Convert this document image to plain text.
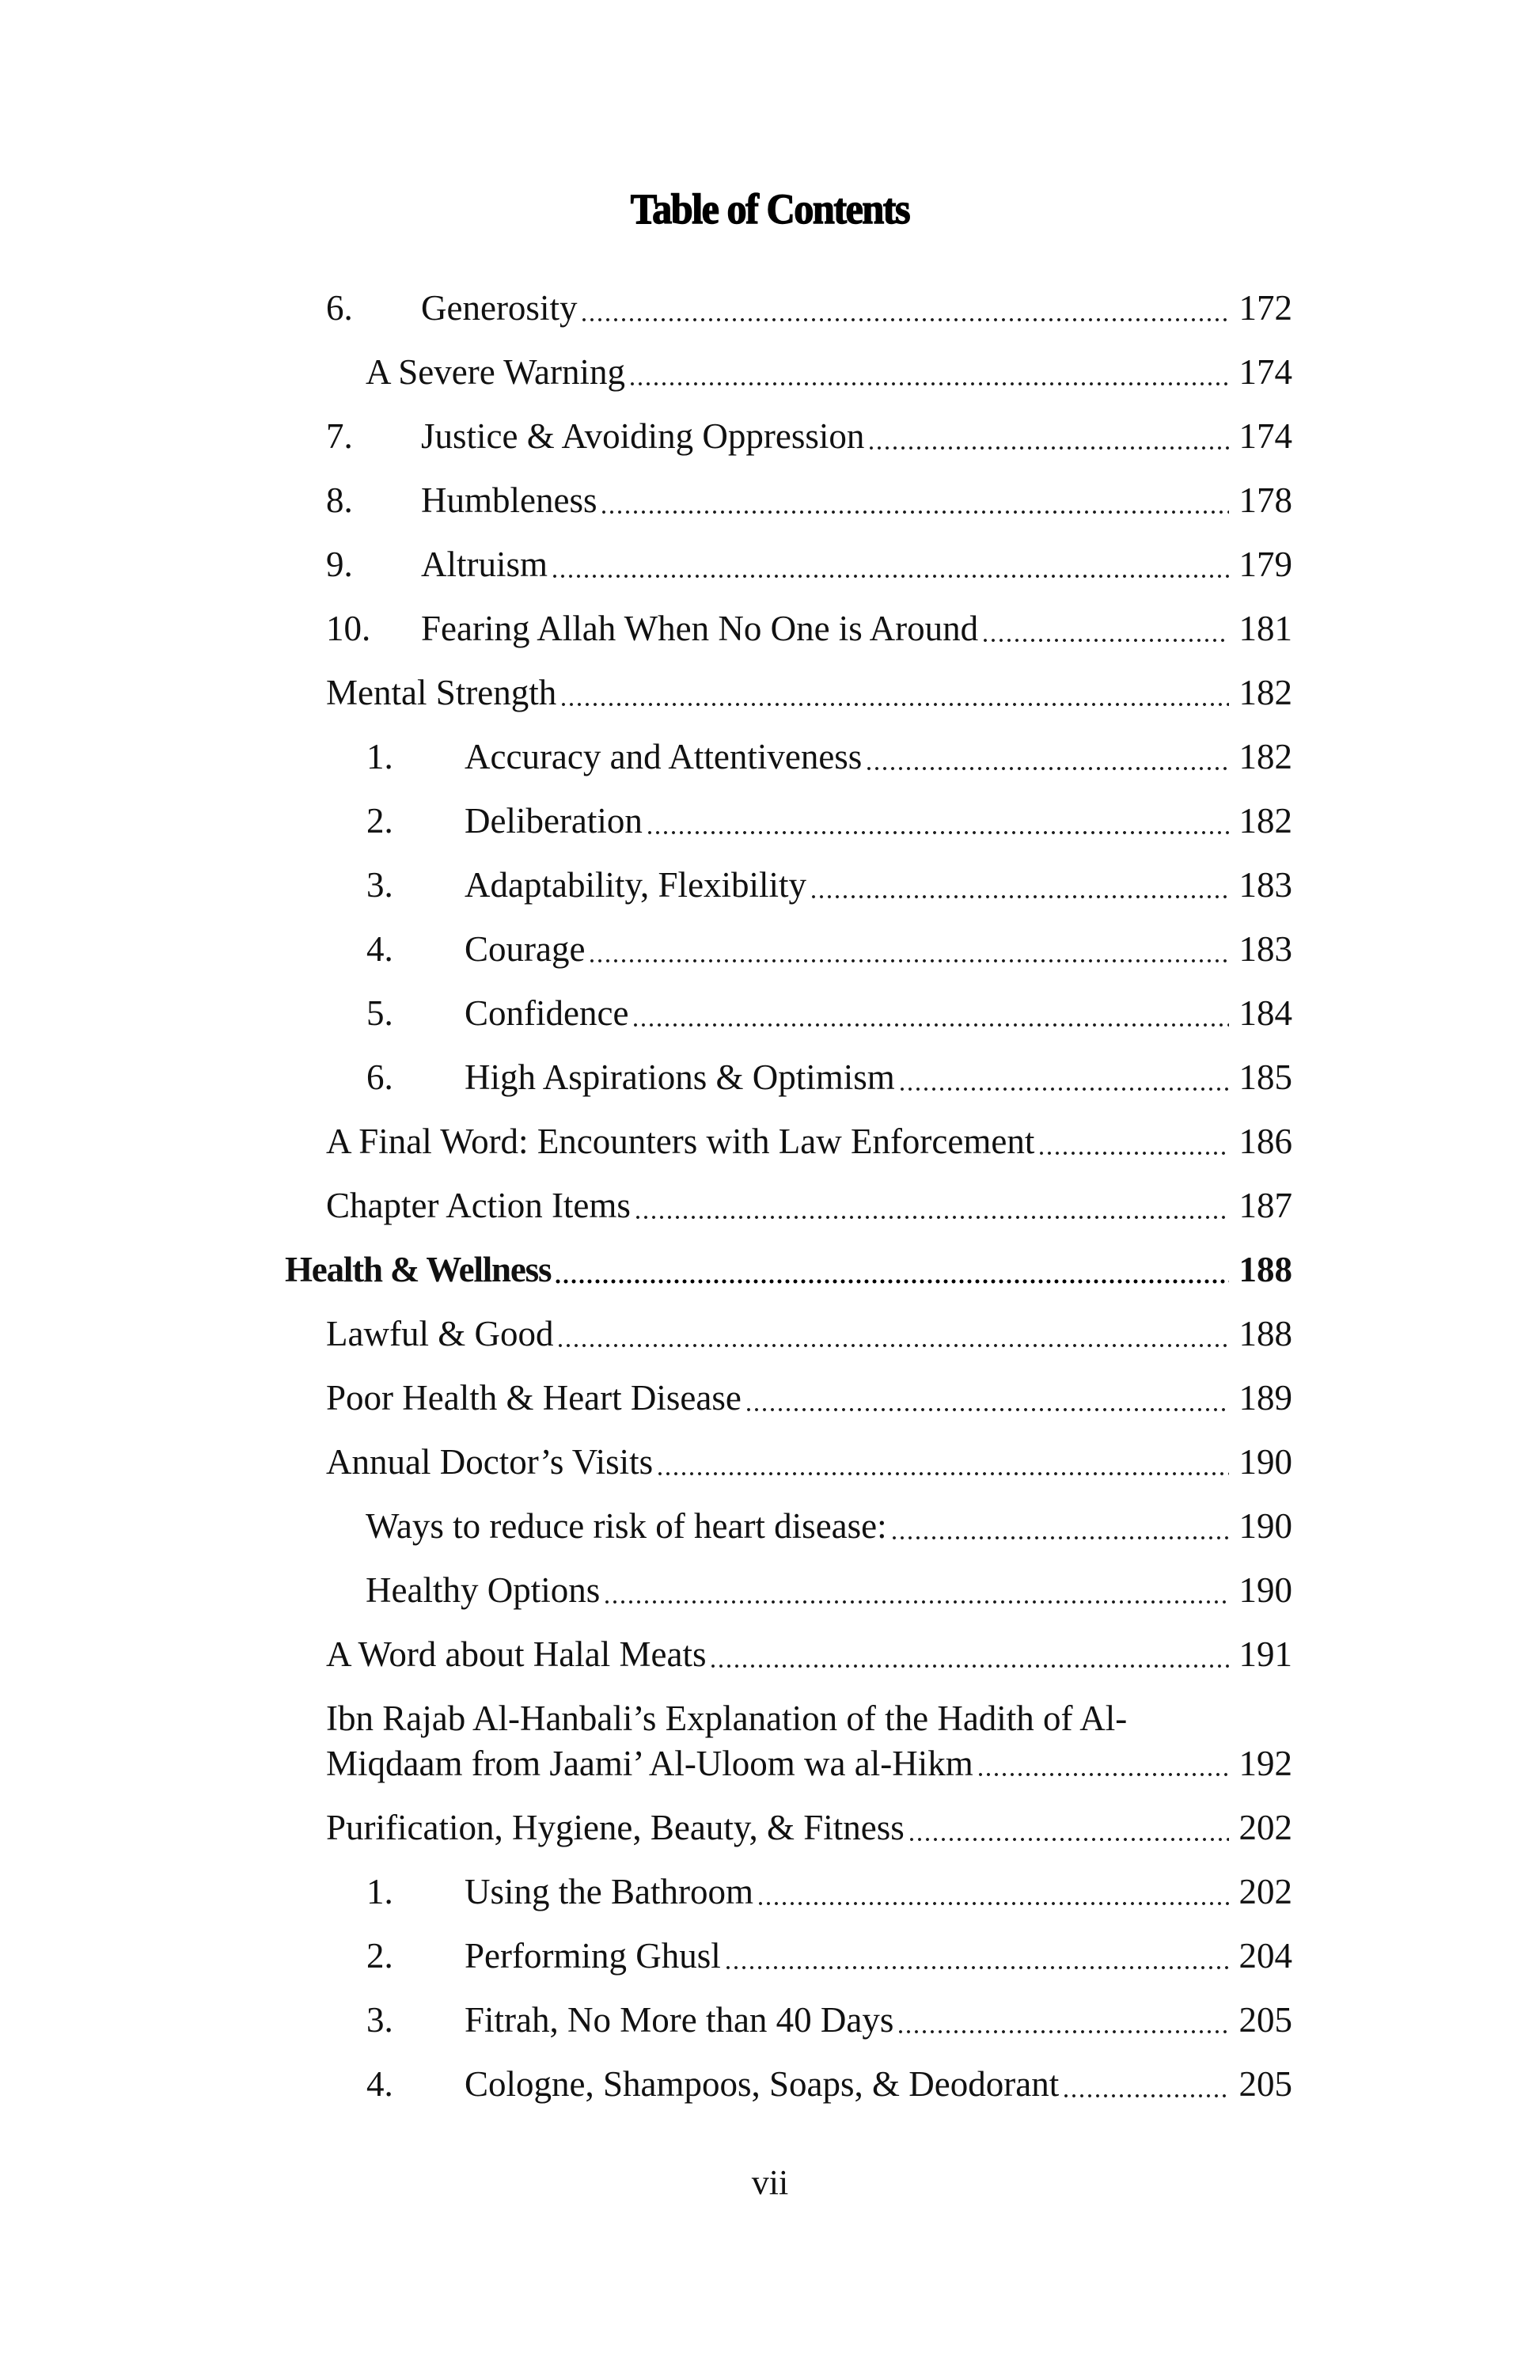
Table of Contents
6. Generosity	172
A Severe Warning	174
7. Justice & Avoiding Oppression	174
8. Humbleness	178
9. Altruism	179
10. Fearing Allah When No One is Around	181
Mental Strength	182
1. Accuracy and Attentiveness	182
2. Deliberation	182
3. Adaptability, Flexibility	183
4. Courage	183
5. Confidence	184
6. High Aspirations & Optimism	185
A Final Word: Encounters with Law Enforcement	186
Chapter Action Items	187
Health & Wellness	188
Lawful & Good	188
Poor Health & Heart Disease	189
Annual Doctor’s Visits	190
Ways to reduce risk of heart disease:	190
Healthy Options	190
A Word about Halal Meats	191
Ibn Rajab Al-Hanbali’s Explanation of the Hadith of Al-
Miqdaam from Jaami’ Al-Uloom wa al-Hikm	192
Purification, Hygiene, Beauty, & Fitness	202
1. Using the Bathroom	202
2. Performing Ghusl	204
3. Fitrah, No More than 40 Days	205
4. Cologne, Shampoos, Soaps, & Deodorant	205
vii
